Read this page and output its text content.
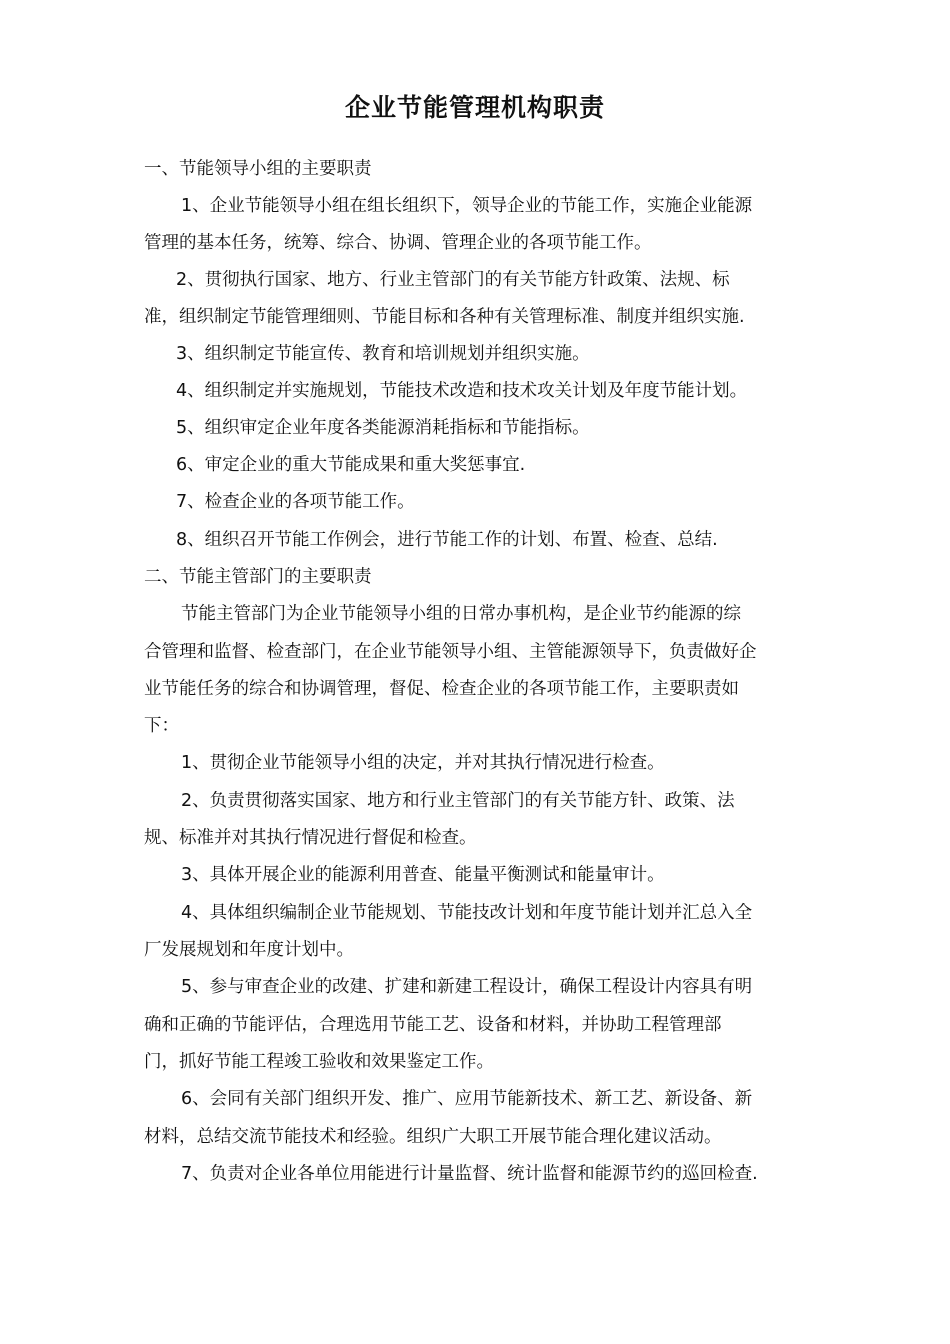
企业节能管理机构职责
一、节能领导小组的主要职责
1、企业节能领导小组在组长组织下，领导企业的节能工作，实施企业能源
管理的基本任务，统筹、综合、协调、管理企业的各项节能工作。
2、贯彻执行国家、地方、行业主管部门的有关节能方针政策、法规、标
准，组织制定节能管理细则、节能目标和各种有关管理标准、制度并组织实施.
3、组织制定节能宣传、教育和培训规划并组织实施。
4、组织制定并实施规划，节能技术改造和技术攻关计划及年度节能计划。
5、组织审定企业年度各类能源消耗指标和节能指标。
6、审定企业的重大节能成果和重大奖惩事宜.
7、检查企业的各项节能工作。
8、组织召开节能工作例会，进行节能工作的计划、布置、检查、总结.
二、节能主管部门的主要职责
节能主管部门为企业节能领导小组的日常办事机构，是企业节约能源的综
合管理和监督、检查部门，在企业节能领导小组、主管能源领导下，负责做好企
业节能任务的综合和协调管理，督促、检查企业的各项节能工作，主要职责如
下：
1、贯彻企业节能领导小组的决定，并对其执行情况进行检查。
2、负责贯彻落实国家、地方和行业主管部门的有关节能方针、政策、法
规、标准并对其执行情况进行督促和检查。
3、具体开展企业的能源利用普查、能量平衡测试和能量审计。
4、具体组织编制企业节能规划、节能技改计划和年度节能计划并汇总入全
厂发展规划和年度计划中。
5、参与审查企业的改建、扩建和新建工程设计，确保工程设计内容具有明
确和正确的节能评估，合理选用节能工艺、设备和材料，并协助工程管理部
门，抓好节能工程竣工验收和效果鉴定工作。
6、会同有关部门组织开发、推广、应用节能新技术、新工艺、新设备、新
材料，总结交流节能技术和经验。组织广大职工开展节能合理化建议活动。
7、负责对企业各单位用能进行计量监督、统计监督和能源节约的巡回检查.
